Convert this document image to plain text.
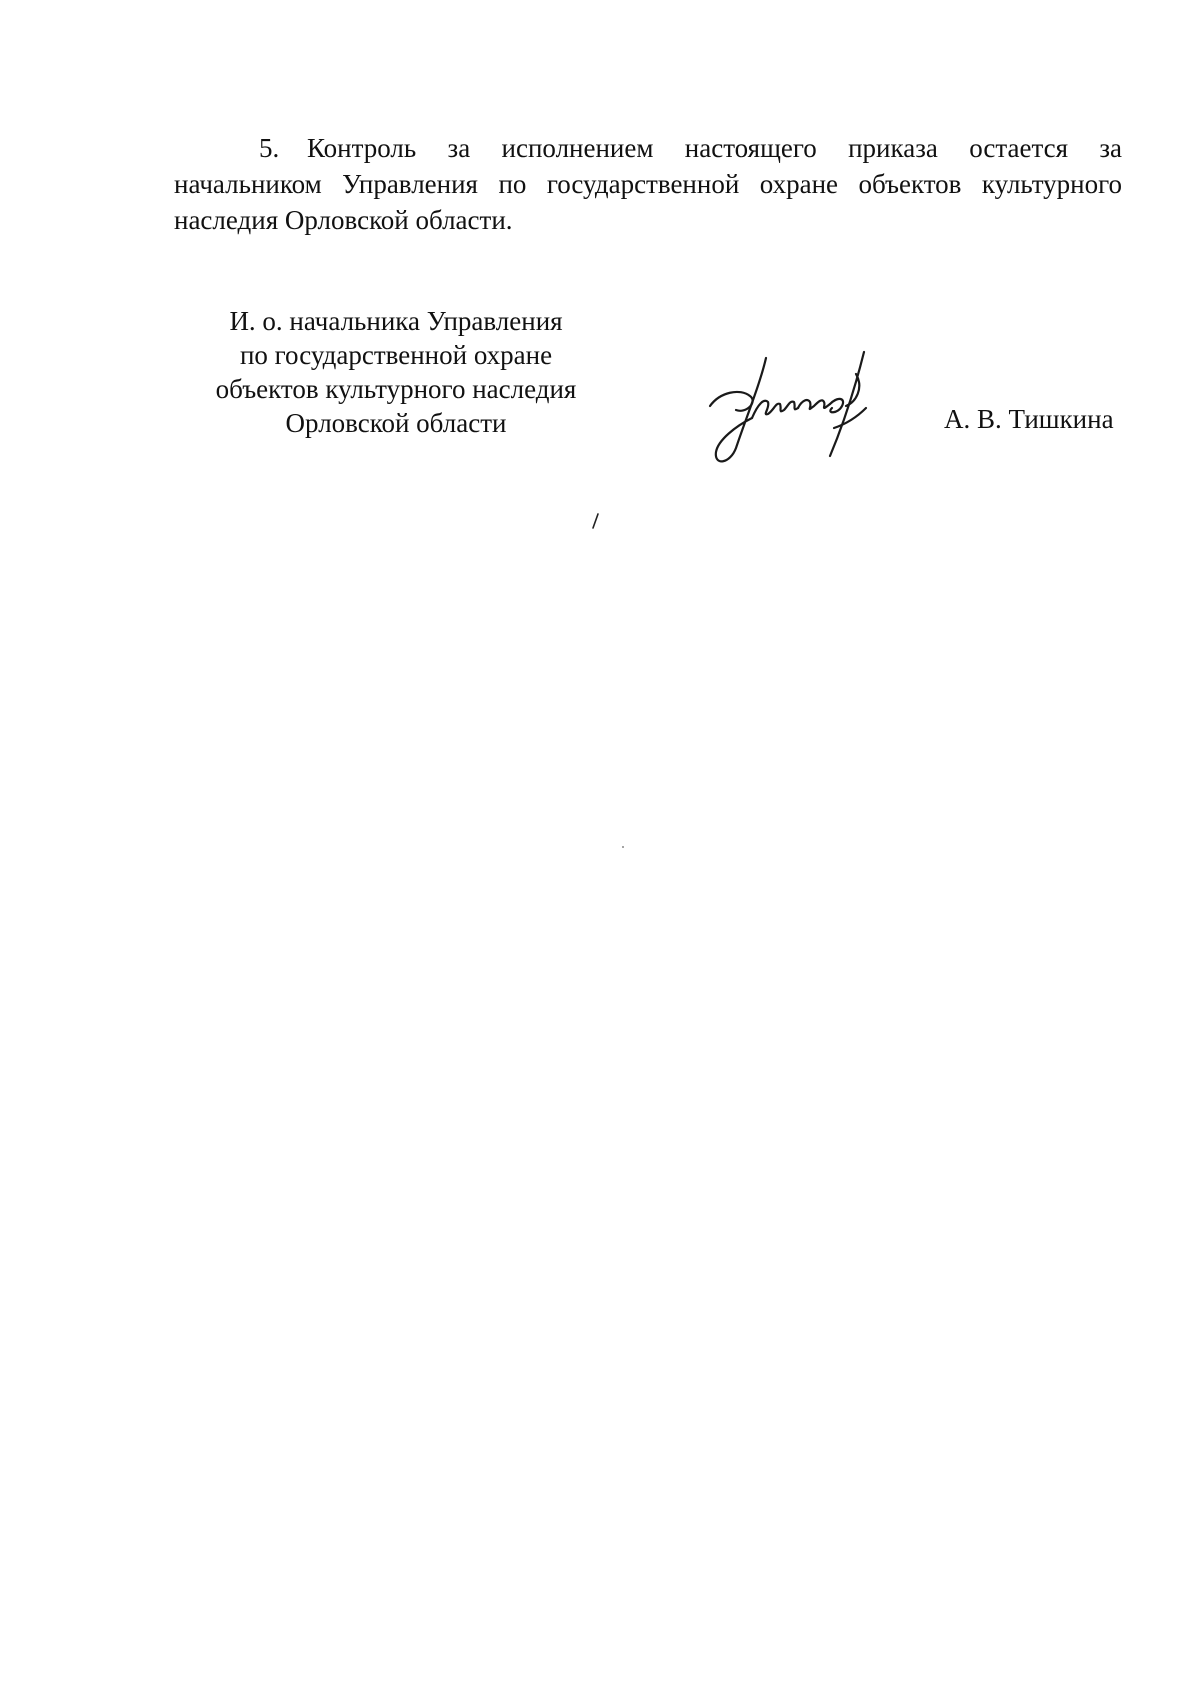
5. Контроль за исполнением настоящего приказа остается за начальником Управления по государственной охране объектов культурного наследия Орловской области.

И. о. начальника Управления
по государственной охране
объектов культурного наследия
Орловской области	А. В. Тишкина
